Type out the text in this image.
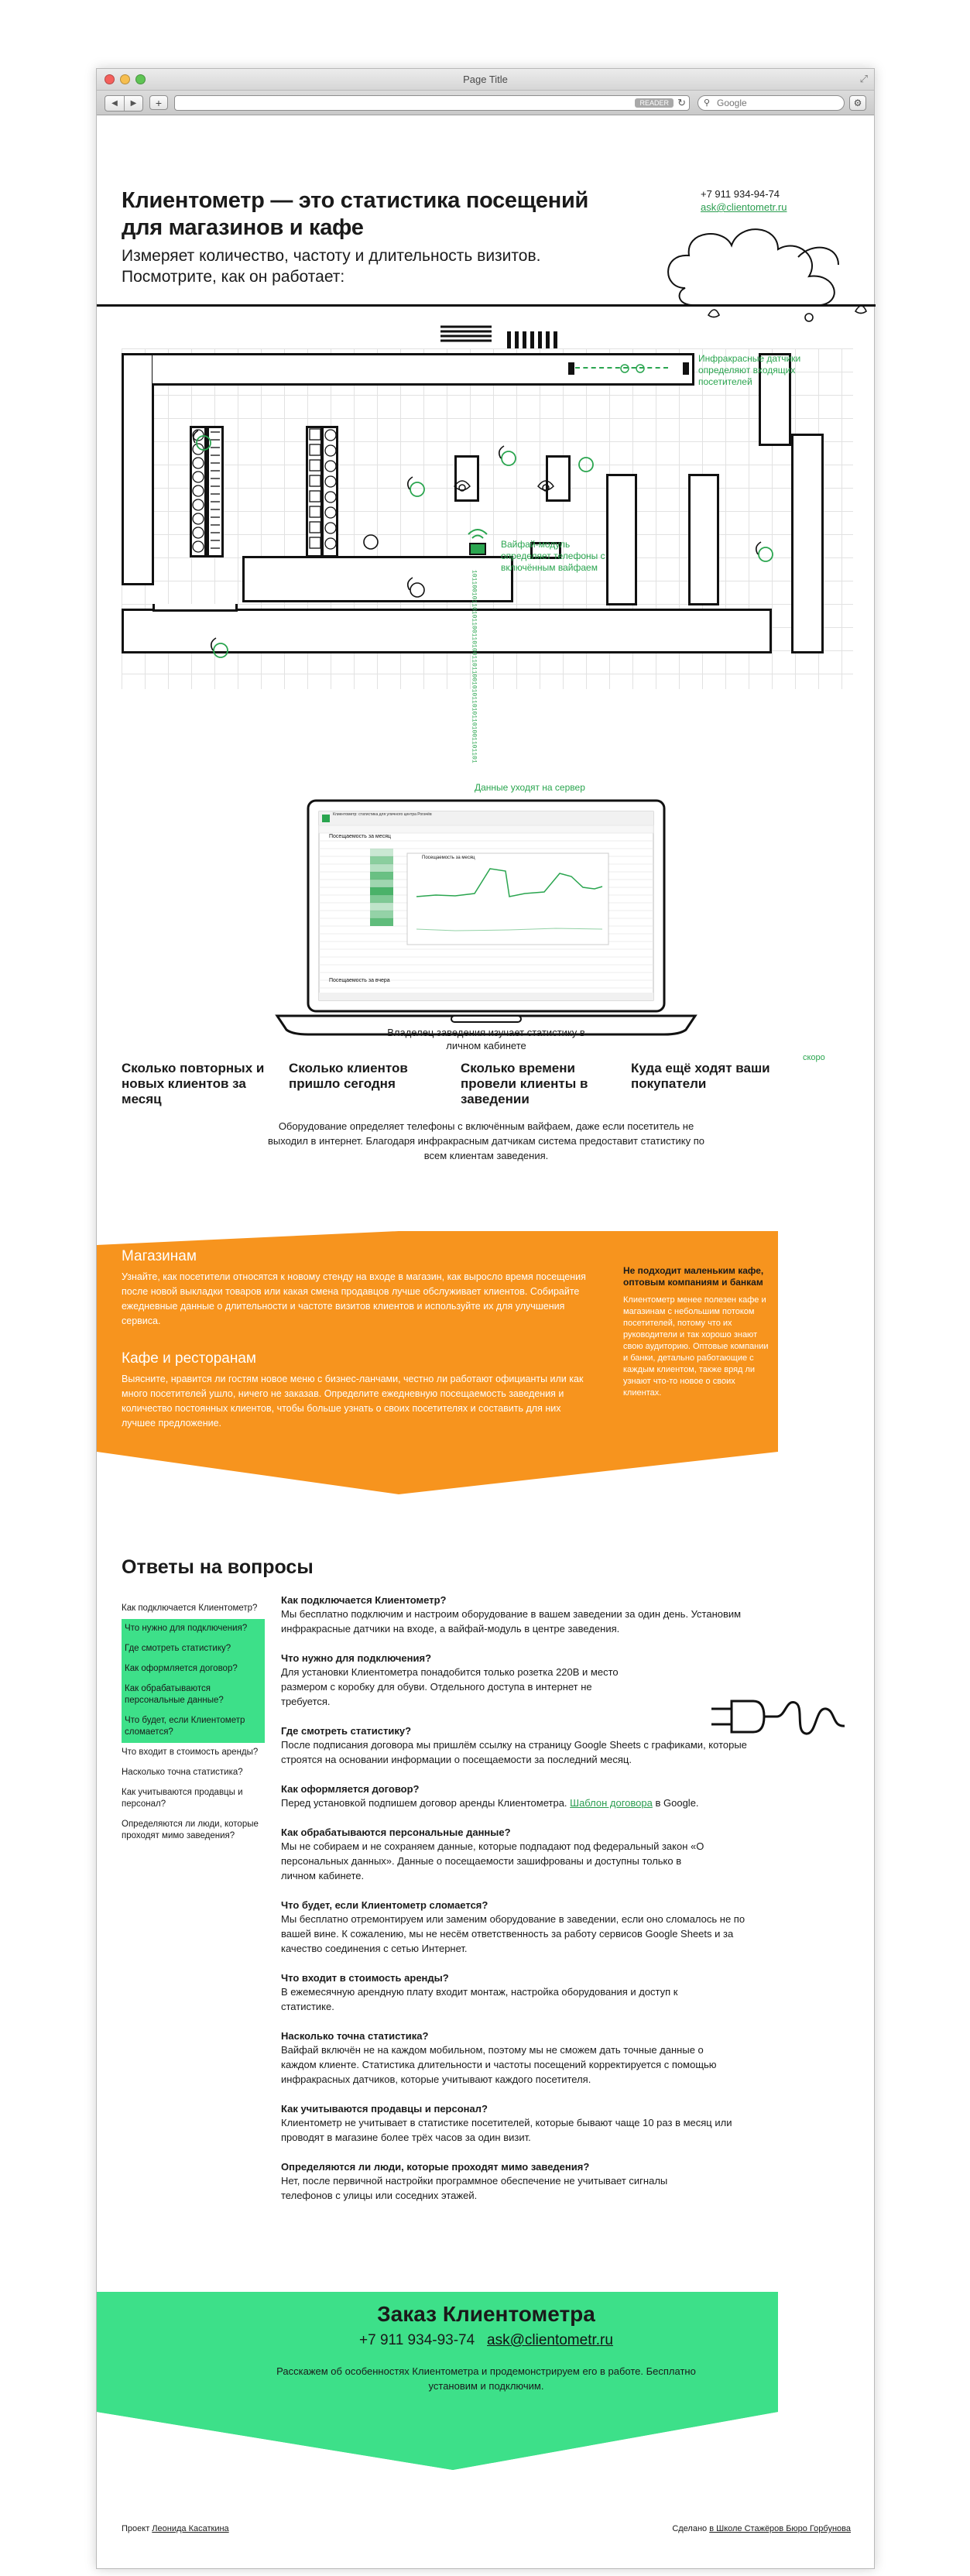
Page Title	⤢
◀	▶	+	READER ↻ ⚲
Google	⚙
Клиентометр — это статистика посещений для магазинов и кафе

Измеряет количество, частоту и длительность визитов. Посмотрите, как он работает:

+7 911 934-94-74
ask@clientometr.ru
Инфракрасные датчики определяют входящих посетителей
Вайфай-модуль определяет телефоны с включённым вайфаем
1011001011010110011010011011001010110101101001101101
Данные уходят на сервер
Клиентометр: статистика для уличного центра Рогачёв
Посещаемость за месяц
Посещаемость за месяц
Посещаемость за вчера
Владелец заведения изучает статистику в личном кабинете
Сколько повторных и новых клиентов за месяц
Сколько клиентов пришло сегодня
Сколько времени провели клиенты в заведении
Куда ещё ходят ваши покупатели
скоро
Оборудование определяет телефоны с включённым вайфаем, даже если посетитель не выходил в интернет. Благодаря инфракрасным датчикам система предоставит статистику по всем клиентам заведения.
Магазинам
Узнайте, как посетители относятся к новому стенду на входе в магазин, как выросло время посещения после новой выкладки товаров или какая смена продавцов лучше обслуживает клиентов. Собирайте ежедневные данные о длительности и частоте визитов клиентов и используйте их для улучшения сервиса.
Кафе и ресторанам
Выясните, нравится ли гостям новое меню с бизнес-ланчами, честно ли работают официанты или как много посетителей ушло, ничего не заказав. Определите ежедневную посещаемость заведения и количество постоянных клиентов, чтобы больше узнать о своих посетителях и составить для них лучшее предложение.
Не подходит маленьким кафе, оптовым компаниям и банкам
Клиентометр менее полезен кафе и магазинам с небольшим потоком посетителей, потому что их руководители и так хорошо знают свою аудиторию. Оптовые компании и банки, детально работающие с каждым клиентом, также вряд ли узнают что-то новое о своих клиентах.
Ответы на вопросы
Как подключается Клиентометр?
Что нужно для подключения?
Где смотреть статистику?
Как оформляется договор?
Как обрабатываются персональные данные?
Что будет, если Клиентометр сломается?
Что входит в стоимость аренды?
Насколько точна статистика?
Как учитываются продавцы и персонал?
Определяются ли люди, которые проходят мимо заведения?
Как подключается Клиентометр?
Мы бесплатно подключим и настроим оборудование в вашем заведении за один день. Установим инфракрасные датчики на входе, а вайфай-модуль в центре заведения.
Что нужно для подключения?
Для установки Клиентометра понадобится только розетка 220В и место размером с коробку для обуви. Отдельного доступа в интернет не требуется.
Где смотреть статистику?
После подписания договора мы пришлём ссылку на страницу Google Sheets с графиками, которые строятся на основании информации о посещаемости за последний месяц.
Как оформляется договор?
Перед установкой подпишем договор аренды Клиентометра. Шаблон договора в Google.
Как обрабатываются персональные данные?
Мы не собираем и не сохраняем данные, которые подпадают под федеральный закон «О персональных данных». Данные о посещаемости зашифрованы и доступны только в личном кабинете.
Что будет, если Клиентометр сломается?
Мы бесплатно отремонтируем или заменим оборудование в заведении, если оно сломалось не по вашей вине. К сожалению, мы не несём ответственность за работу сервисов Google Sheets и за качество соединения с сетью Интернет.
Что входит в стоимость аренды?
В ежемесячную арендную плату входит монтаж, настройка оборудования и доступ к статистике.
Насколько точна статистика?
Вайфай включён не на каждом мобильном, поэтому мы не сможем дать точные данные о каждом клиенте. Статистика длительности и частоты посещений корректируется с помощью инфракрасных датчиков, которые учитывают каждого посетителя.
Как учитываются продавцы и персонал?
Клиентометр не учитывает в статистике посетителей, которые бывают чаще 10 раз в месяц или проводят в магазине более трёх часов за один визит.
Определяются ли люди, которые проходят мимо заведения?
Нет, после первичной настройки программное обеспечение не учитывает сигналы телефонов с улицы или соседних этажей.
Заказ Клиентометра
+7 911 934-93-74 ask@clientometr.ru
Расскажем об особенностях Клиентометра и продемонстрируем его в работе. Бесплатно установим и подключим.
Проект Леонида Касаткина	Сделано в Школе Стажёров Бюро Горбунова
